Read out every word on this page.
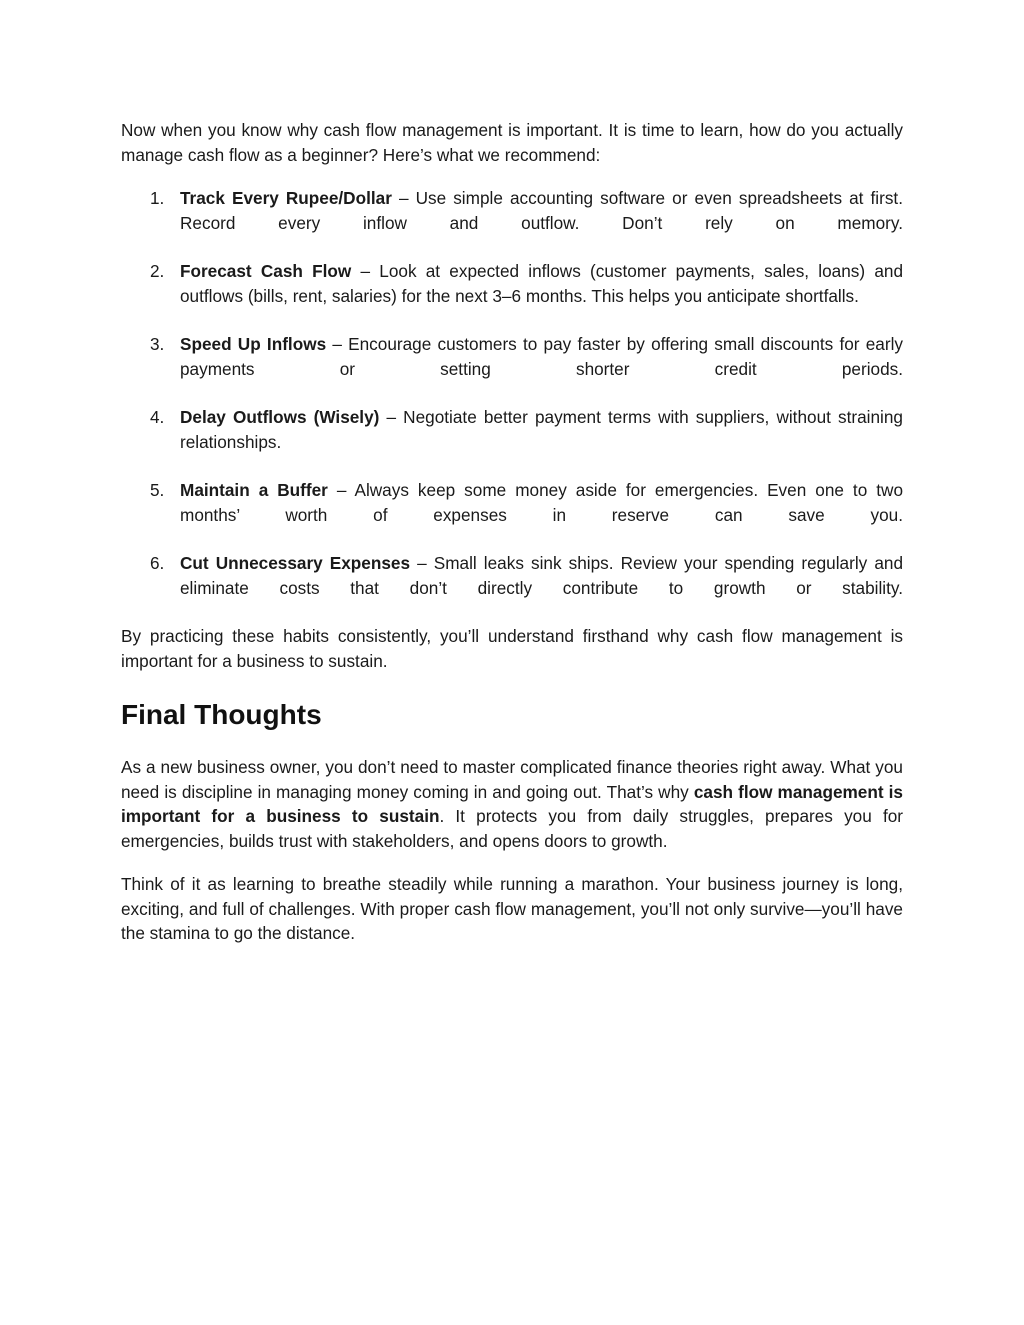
Now when you know why cash flow management is important. It is time to learn, how do you actually manage cash flow as a beginner? Here’s what we recommend:

1. Track Every Rupee/Dollar – Use simple accounting software or even spreadsheets at first. Record every inflow and outflow. Don’t rely on memory.
2. Forecast Cash Flow – Look at expected inflows (customer payments, sales, loans) and outflows (bills, rent, salaries) for the next 3–6 months. This helps you anticipate shortfalls.
3. Speed Up Inflows – Encourage customers to pay faster by offering small discounts for early payments or setting shorter credit periods.
4. Delay Outflows (Wisely) – Negotiate better payment terms with suppliers, without straining relationships.
5. Maintain a Buffer – Always keep some money aside for emergencies. Even one to two months’ worth of expenses in reserve can save you.
6. Cut Unnecessary Expenses – Small leaks sink ships. Review your spending regularly and eliminate costs that don’t directly contribute to growth or stability.

By practicing these habits consistently, you’ll understand firsthand why cash flow management is important for a business to sustain.

Final Thoughts

As a new business owner, you don’t need to master complicated finance theories right away. What you need is discipline in managing money coming in and going out. That’s why cash flow management is important for a business to sustain. It protects you from daily struggles, prepares you for emergencies, builds trust with stakeholders, and opens doors to growth.

Think of it as learning to breathe steadily while running a marathon. Your business journey is long, exciting, and full of challenges. With proper cash flow management, you’ll not only survive—you’ll have the stamina to go the distance.
